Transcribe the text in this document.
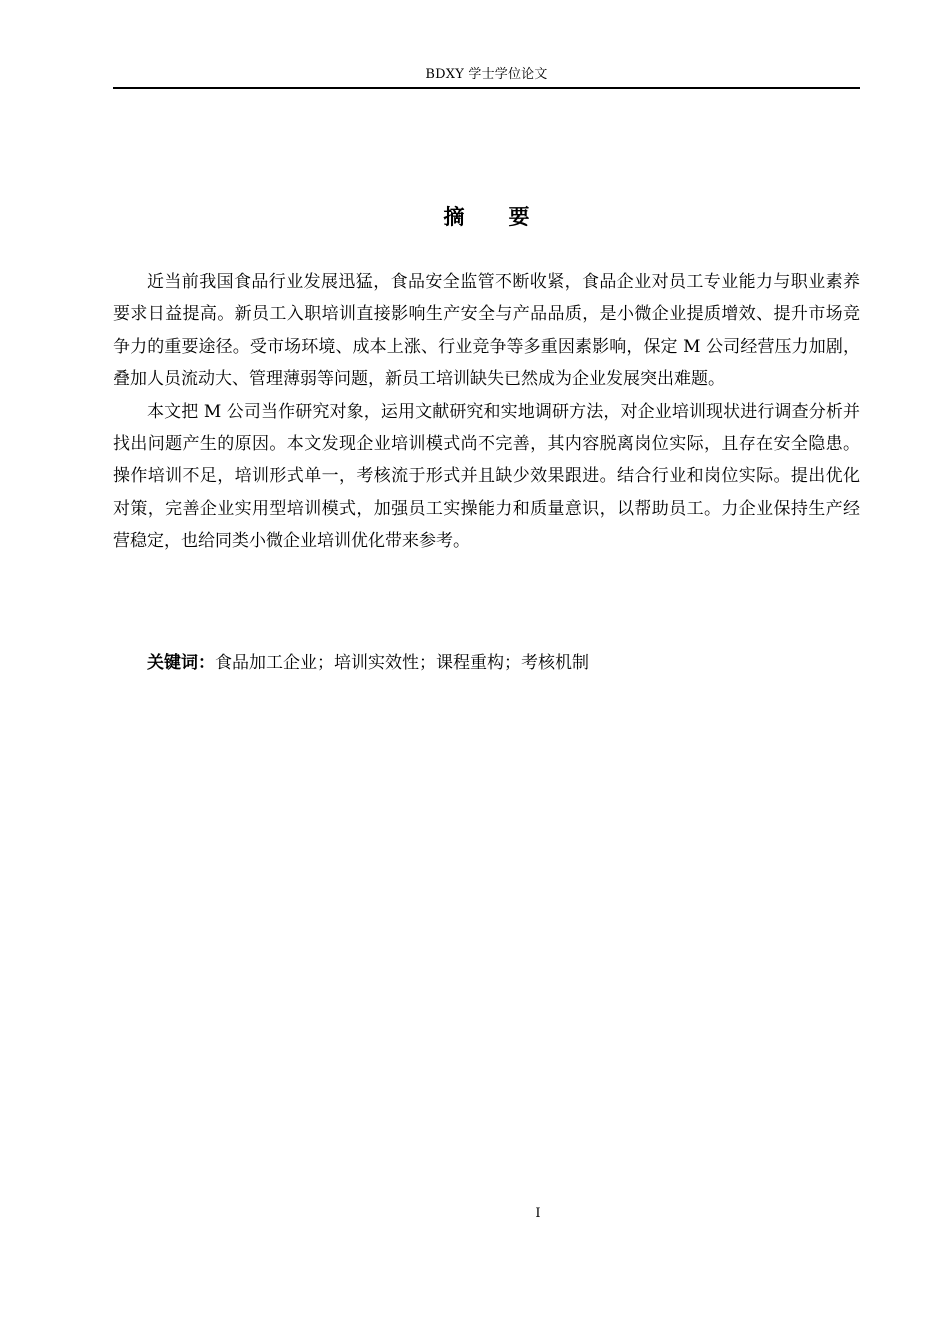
BDXY 学士学位论文
摘 要

近当前我国食品行业发展迅猛，食品安全监管不断收紧，食品企业对员工专业能力与职业素养要求日益提高。新员工入职培训直接影响生产安全与产品品质，是小微企业提质增效、提升市场竞争力的重要途径。受市场环境、成本上涨、行业竞争等多重因素影响，保定 M 公司经营压力加剧，叠加人员流动大、管理薄弱等问题，新员工培训缺失已然成为企业发展突出难题。

本文把 M 公司当作研究对象，运用文献研究和实地调研方法，对企业培训现状进行调查分析并找出问题产生的原因。本文发现企业培训模式尚不完善，其内容脱离岗位实际，且存在安全隐患。操作培训不足，培训形式单一，考核流于形式并且缺少效果跟进。结合行业和岗位实际。提出优化对策，完善企业实用型培训模式，加强员工实操能力和质量意识，以帮助员工。力企业保持生产经营稳定，也给同类小微企业培训优化带来参考。

关键词：食品加工企业；培训实效性；课程重构；考核机制
I
